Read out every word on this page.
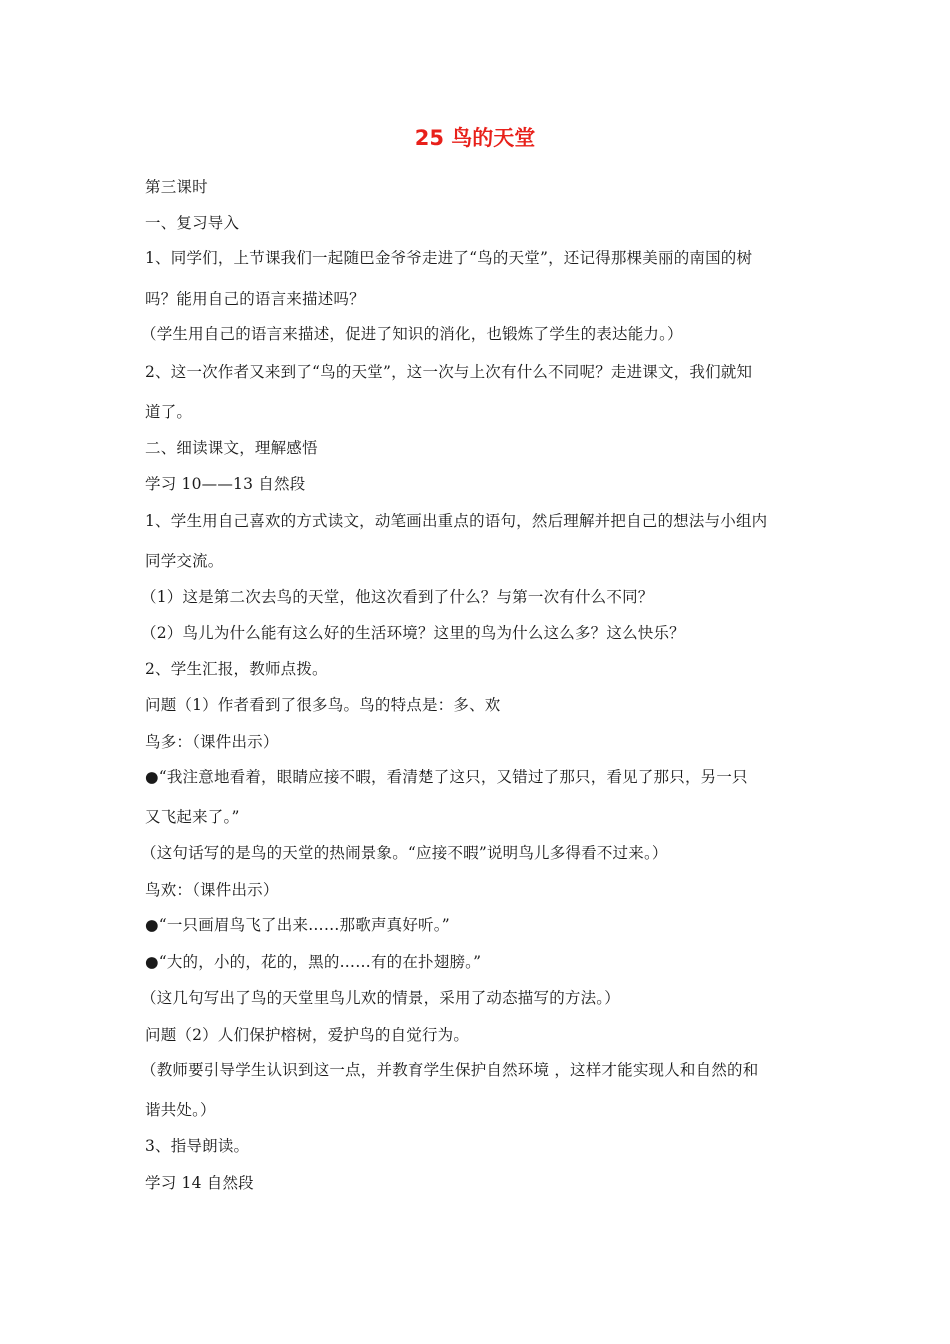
25 鸟的天堂
第三课时
一、复习导入
1、同学们，上节课我们一起随巴金爷爷走进了“鸟的天堂”，还记得那棵美丽的南国的树
吗？能用自己的语言来描述吗？
（学生用自己的语言来描述，促进了知识的消化，也锻炼了学生的表达能力。）
2、这一次作者又来到了“鸟的天堂”，这一次与上次有什么不同呢？走进课文，我们就知
道了。
二、细读课文，理解感悟
学习 10——13 自然段
1、学生用自己喜欢的方式读文，动笔画出重点的语句，然后理解并把自己的想法与小组内
同学交流。
（1）这是第二次去鸟的天堂，他这次看到了什么？与第一次有什么不同？
（2）鸟儿为什么能有这么好的生活环境？这里的鸟为什么这么多？这么快乐？
2、学生汇报，教师点拨。
问题（1）作者看到了很多鸟。鸟的特点是：多、欢
鸟多：（课件出示）
●“我注意地看着，眼睛应接不暇，看清楚了这只，又错过了那只，看见了那只，另一只
又飞起来了。”
（这句话写的是鸟的天堂的热闹景象。“应接不暇”说明鸟儿多得看不过来。）
鸟欢：（课件出示）
●“一只画眉鸟飞了出来……那歌声真好听。”
●“大的，小的，花的，黑的……有的在扑翅膀。”
（这几句写出了鸟的天堂里鸟儿欢的情景，采用了动态描写的方法。）
问题（2）人们保护榕树，爱护鸟的自觉行为。
（教师要引导学生认识到这一点，并教育学生保护自然环境 ，这样才能实现人和自然的和
谐共处。）
3、指导朗读。
学习 14 自然段
